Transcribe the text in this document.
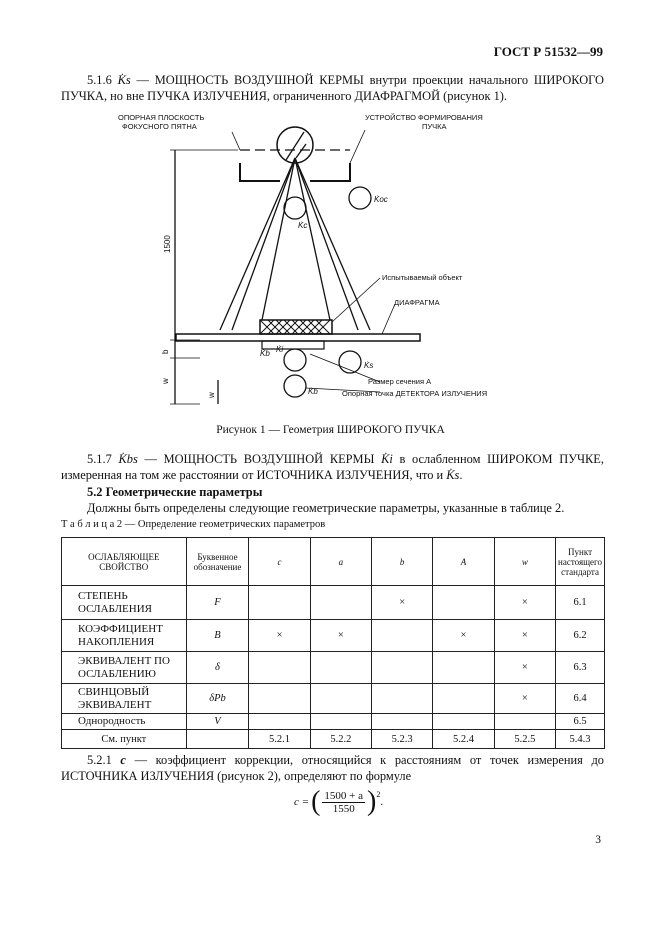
ГОСТ Р 51532—99
5.1.6 K̇s — МОЩНОСТЬ ВОЗДУШНОЙ КЕРМЫ внутри проекции начального ШИРОКОГО ПУЧКА, но вне ПУЧКА ИЗЛУЧЕНИЯ, ограниченного ДИАФРАГМОЙ (рисунок 1).
ОПОРНАЯ ПЛОСКОСТЬ
ФОКУСНОГО ПЯТНА
УСТРОЙСТВО ФОРМИРОВАНИЯ
ПУЧКА
K̇ос
K̇с
1500
Испытываемый объект
ДИАФРАГМА
b
w
w
K̇b K̇i
K̇s
K̇b
Размер сечения A
Опорная точка ДЕТЕКТОРА ИЗЛУЧЕНИЯ
Рисунок 1 — Геометрия ШИРОКОГО ПУЧКА
5.1.7 K̇bs — МОЩНОСТЬ ВОЗДУШНОЙ КЕРМЫ K̇i в ослабленном ШИРОКОМ ПУЧКЕ, измеренная на том же расстоянии от ИСТОЧНИКА ИЗЛУЧЕНИЯ, что и K̇s.
5.2 Геометрические параметры
Должны быть определены следующие геометрические параметры, указанные в таблице 2.
Т а б л и ц а 2 — Определение геометрических параметров
ОСЛАБЛЯЮЩЕЕ СВОЙСТВО	Буквенное обозначение	c	a	b	A	w	Пункт настоящего стандарта
СТЕПЕНЬ ОСЛАБЛЕНИЯ	F			×		×	6.1
КОЭФФИЦИЕНТ НАКОПЛЕНИЯ	B	×	×		×	×	6.2
ЭКВИВАЛЕНТ ПО ОСЛАБЛЕНИЮ	δ					×	6.3
СВИНЦОВЫЙ ЭКВИВАЛЕНТ	δPb					×	6.4
Однородность	V						6.5
См. пункт		5.2.1	5.2.2	5.2.3	5.2.4	5.2.5	5.4.3
5.2.1 c — коэффициент коррекции, относящийся к расстояниям от точек измерения до ИСТОЧНИКА ИЗЛУЧЕНИЯ (рисунок 2), определяют по формуле
c = ( 1500 + a
1550 )$^2$
.
3
